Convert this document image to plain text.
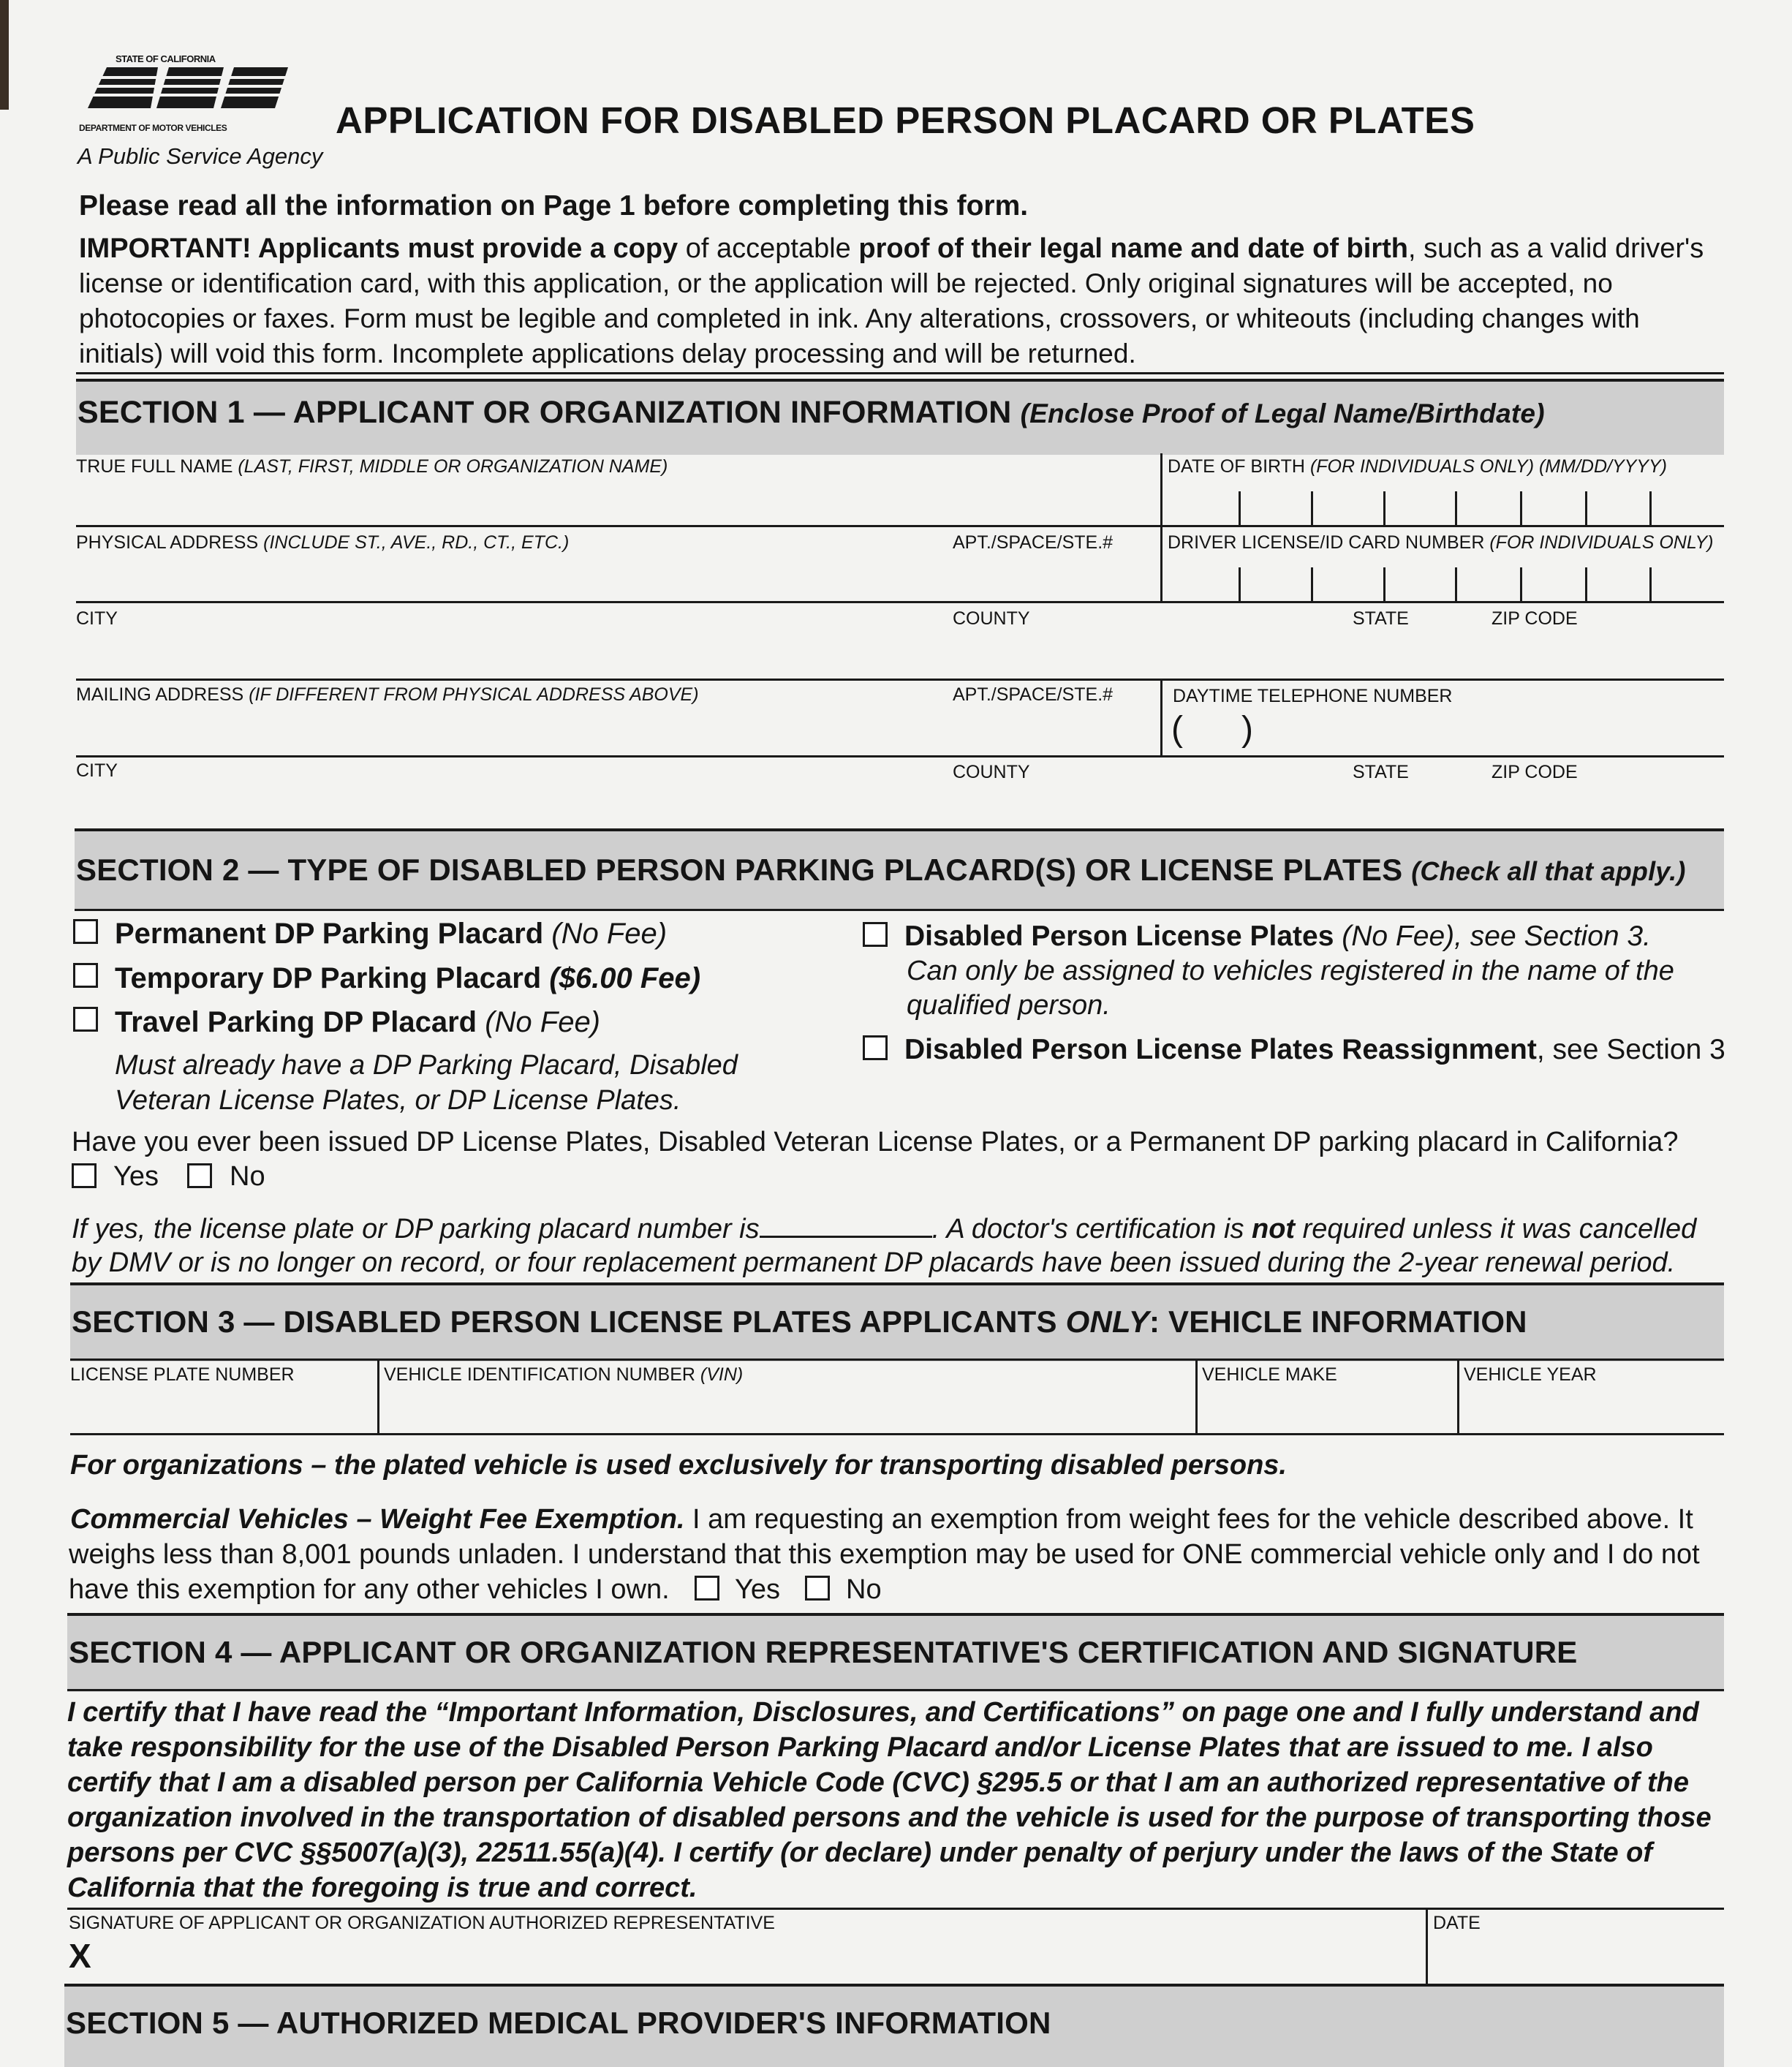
STATE OF CALIFORNIA
DEPARTMENT OF MOTOR VEHICLES
A Public Service Agency
APPLICATION FOR DISABLED PERSON PLACARD OR PLATES
Please read all the information on Page 1 before completing this form.
IMPORTANT! Applicants must provide a copy of acceptable proof of their legal name and date of birth, such as a valid driver's
license or identification card, with this application, or the application will be rejected. Only original signatures will be accepted, no
photocopies or faxes. Form must be legible and completed in ink. Any alterations, crossovers, or whiteouts (including changes with
initials) will void this form. Incomplete applications delay processing and will be returned.
SECTION 1 — APPLICANT OR ORGANIZATION INFORMATION (Enclose Proof of Legal Name/Birthdate)
TRUE FULL NAME (LAST, FIRST, MIDDLE OR ORGANIZATION NAME)	DATE OF BIRTH (FOR INDIVIDUALS ONLY) (MM/DD/YYYY)
PHYSICAL ADDRESS (INCLUDE ST., AVE., RD., CT., ETC.)	APT./SPACE/STE.#	DRIVER LICENSE/ID CARD NUMBER (FOR INDIVIDUALS ONLY)
CITY	COUNTY	STATE	ZIP CODE
MAILING ADDRESS (IF DIFFERENT FROM PHYSICAL ADDRESS ABOVE)	APT./SPACE/STE.#	DAYTIME TELEPHONE NUMBER
(      )
CITY	COUNTY	STATE	ZIP CODE
SECTION 2 — TYPE OF DISABLED PERSON PARKING PLACARD(S) OR LICENSE PLATES (Check all that apply.)
Permanent DP Parking Placard (No Fee)
Temporary DP Parking Placard ($6.00 Fee)
Travel Parking DP Placard (No Fee)
Must already have a DP Parking Placard, Disabled
Veteran License Plates, or DP License Plates.
Disabled Person License Plates (No Fee), see Section 3.
Can only be assigned to vehicles registered in the name of the
qualified person.
Disabled Person License Plates Reassignment, see Section 3
Have you ever been issued DP License Plates, Disabled Veteran License Plates, or a Permanent DP parking placard in California?
Yes	No
If yes, the license plate or DP parking placard number is	. A doctor's certification is not required unless it was cancelled
by DMV or is no longer on record, or four replacement permanent DP placards have been issued during the 2-year renewal period.
SECTION 3 — DISABLED PERSON LICENSE PLATES APPLICANTS ONLY: VEHICLE INFORMATION
LICENSE PLATE NUMBER	VEHICLE IDENTIFICATION NUMBER (VIN)	VEHICLE MAKE	VEHICLE YEAR
For organizations – the plated vehicle is used exclusively for transporting disabled persons.
Commercial Vehicles – Weight Fee Exemption. I am requesting an exemption from weight fees for the vehicle described above. It
weighs less than 8,001 pounds unladen. I understand that this exemption may be used for ONE commercial vehicle only and I do not
have this exemption for any other vehicles I own. Yes No
SECTION 4 — APPLICANT OR ORGANIZATION REPRESENTATIVE'S CERTIFICATION AND SIGNATURE
I certify that I have read the “Important Information, Disclosures, and Certifications” on page one and I fully understand and
take responsibility for the use of the Disabled Person Parking Placard and/or License Plates that are issued to me. I also
certify that I am a disabled person per California Vehicle Code (CVC) §295.5 or that I am an authorized representative of the
organization involved in the transportation of disabled persons and the vehicle is used for the purpose of transporting those
persons per CVC §§5007(a)(3), 22511.55(a)(4). I certify (or declare) under penalty of perjury under the laws of the State of
California that the foregoing is true and correct.
SIGNATURE OF APPLICANT OR ORGANIZATION AUTHORIZED REPRESENTATIVE
X
DATE
SECTION 5 — AUTHORIZED MEDICAL PROVIDER'S INFORMATION
